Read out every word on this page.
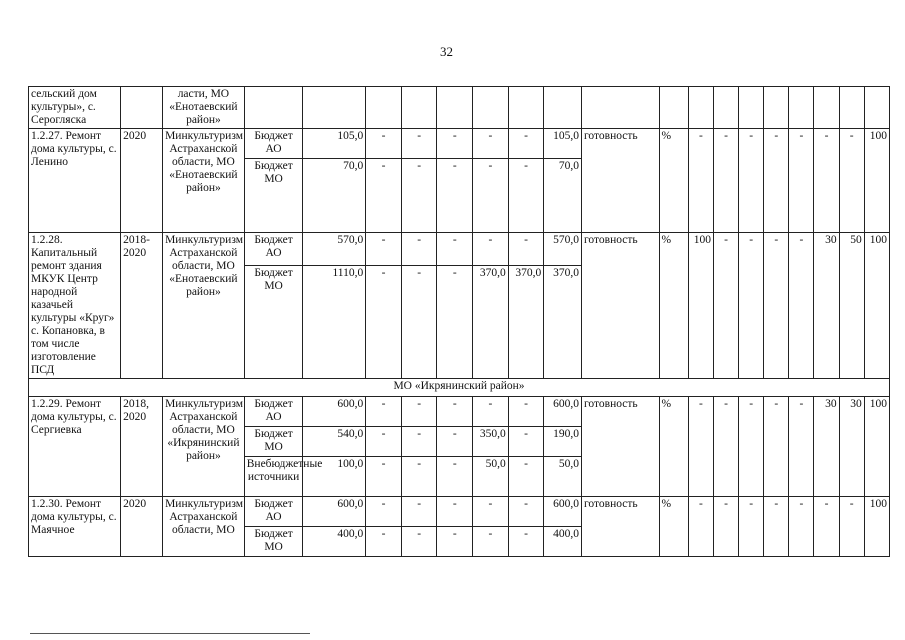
32
сельский дом культуры», с. Серогляска		ласти, МО «Енотаевский район»																		
1.2.27. Ремонт дома культуры, с. Ленино	2020	Минкультуризм Астраханской области, МО «Енотаевский район»	Бюджет АО	105,0	-	-	-	-	-	105,0	готовность	%	-	-	-	-	-	-	-	100
			Бюджет МО	70,0	-	-	-	-	-	70,0										
1.2.28. Капитальный ремонт здания МКУК Центр народной казачьей культуры «Круг» с. Копановка, в том числе изготовление ПСД	2018-2020	Минкультуризм Астраханской области, МО «Енотаевский район»	Бюджет АО	570,0	-	-	-	-	-	570,0	готовность	%	100	-	-	-	-	30	50	100
			Бюджет МО	1110,0	-	-	-	370,0	370,0	370,0										
МО «Икрянинский район»																				
1.2.29. Ремонт дома культуры, с. Сергиевка	2018, 2020	Минкультуризм Астраханской области, МО «Икрянинский район»	Бюджет АО	600,0	-	-	-	-	-	600,0	готовность	%	-	-	-	-	-	30	30	100
			Бюджет МО	540,0	-	-	-	350,0	-	190,0										
			Внебюджетные источники	100,0	-	-	-	50,0	-	50,0										
1.2.30. Ремонт дома культуры, с. Маячное	2020	Минкультуризм Астраханской области, МО	Бюджет АО	600,0	-	-	-	-	-	600,0	готовность	%	-	-	-	-	-	-	-	100
			Бюджет МО	400,0	-	-	-	-	-	400,0										
